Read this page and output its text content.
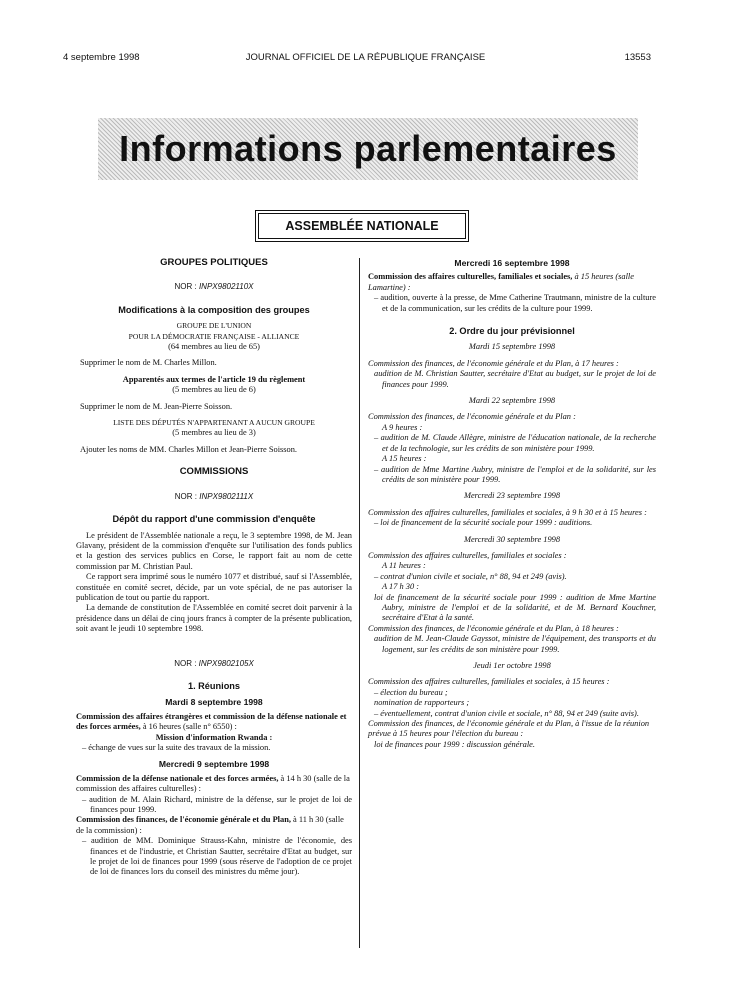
4 septembre 1998	JOURNAL OFFICIEL DE LA RÉPUBLIQUE FRANÇAISE	13553
Informations parlementaires
ASSEMBLÉE NATIONALE
GROUPES POLITIQUES
NOR : INPX9802110X
Modifications à la composition des groupes

GROUPE DE L'UNION

POUR LA DÉMOCRATIE FRANÇAISE - ALLIANCE

(64 membres au lieu de 65)

Supprimer le nom de M. Charles Millon.

Apparentés aux termes de l'article 19 du règlement

(5 membres au lieu de 6)

Supprimer le nom de M. Jean-Pierre Soisson.

LISTE DES DÉPUTÉS N'APPARTENANT A AUCUN GROUPE

(5 membres au lieu de 3)

Ajouter les noms de MM. Charles Millon et Jean-Pierre Soisson.

COMMISSIONS
NOR : INPX9802111X
Dépôt du rapport d'une commission d'enquête

Le président de l'Assemblée nationale a reçu, le 3 septembre 1998, de M. Jean Glavany, président de la commission d'enquête sur l'utilisation des fonds publics et la gestion des services publics en Corse, le rapport fait au nom de cette commission par M. Christian Paul.

Ce rapport sera imprimé sous le numéro 1077 et distribué, sauf si l'Assemblée, constituée en comité secret, décide, par un vote spécial, de ne pas autoriser la publication de tout ou partie du rapport.

La demande de constitution de l'Assemblée en comité secret doit parvenir à la présidence dans un délai de cinq jours francs à compter de la présente publication, soit avant le jeudi 10 septembre 1998.

NOR : INPX9802105X
1. Réunions

Mardi 8 septembre 1998

Commission des affaires étrangères et commission de la défense nationale et des forces armées, à 16 heures (salle n° 6550) :

Mission d'information Rwanda :

– échange de vues sur la suite des travaux de la mission.

Mercredi 9 septembre 1998

Commission de la défense nationale et des forces armées, à 14 h 30 (salle de la commission des affaires culturelles) :

– audition de M. Alain Richard, ministre de la défense, sur le projet de loi de finances pour 1999.

Commission des finances, de l'économie générale et du Plan, à 11 h 30 (salle de la commission) :

– audition de MM. Dominique Strauss-Kahn, ministre de l'économie, des finances et de l'industrie, et Christian Sautter, secrétaire d'Etat au budget, sur le projet de loi de finances pour 1999 (sous réserve de l'adoption de ce projet de loi de finances lors du conseil des ministres du même jour).

Mercredi 16 septembre 1998

Commission des affaires culturelles, familiales et sociales, à 15 heures (salle Lamartine) :

– audition, ouverte à la presse, de Mme Catherine Trautmann, ministre de la culture et de la communication, sur les crédits de la culture pour 1999.

2. Ordre du jour prévisionnel

Mardi 15 septembre 1998

Commission des finances, de l'économie générale et du Plan, à 17 heures :

audition de M. Christian Sautter, secrétaire d'Etat au budget, sur le projet de loi de finances pour 1999.

Mardi 22 septembre 1998

Commission des finances, de l'économie générale et du Plan :

A 9 heures :

– audition de M. Claude Allègre, ministre de l'éducation nationale, de la recherche et de la technologie, sur les crédits de son ministère pour 1999.

A 15 heures :

– audition de Mme Martine Aubry, ministre de l'emploi et de la solidarité, sur les crédits de son ministère pour 1999.

Mercredi 23 septembre 1998

Commission des affaires culturelles, familiales et sociales, à 9 h 30 et à 15 heures :

– loi de financement de la sécurité sociale pour 1999 : auditions.

Mercredi 30 septembre 1998

Commission des affaires culturelles, familiales et sociales :

A 11 heures :

– contrat d'union civile et sociale, n° 88, 94 et 249 (avis).

A 17 h 30 :

loi de financement de la sécurité sociale pour 1999 : audition de Mme Martine Aubry, ministre de l'emploi et de la solidarité, et de M. Bernard Kouchner, secrétaire d'Etat à la santé.

Commission des finances, de l'économie générale et du Plan, à 18 heures :

audition de M. Jean-Claude Gayssot, ministre de l'équipement, des transports et du logement, sur les crédits de son ministère pour 1999.

Jeudi 1er octobre 1998

Commission des affaires culturelles, familiales et sociales, à 15 heures :

– élection du bureau ;

nomination de rapporteurs ;

– éventuellement, contrat d'union civile et sociale, n° 88, 94 et 249 (suite avis).

Commission des finances, de l'économie générale et du Plan, à l'issue de la réunion prévue à 15 heures pour l'élection du bureau :

loi de finances pour 1999 : discussion générale.
